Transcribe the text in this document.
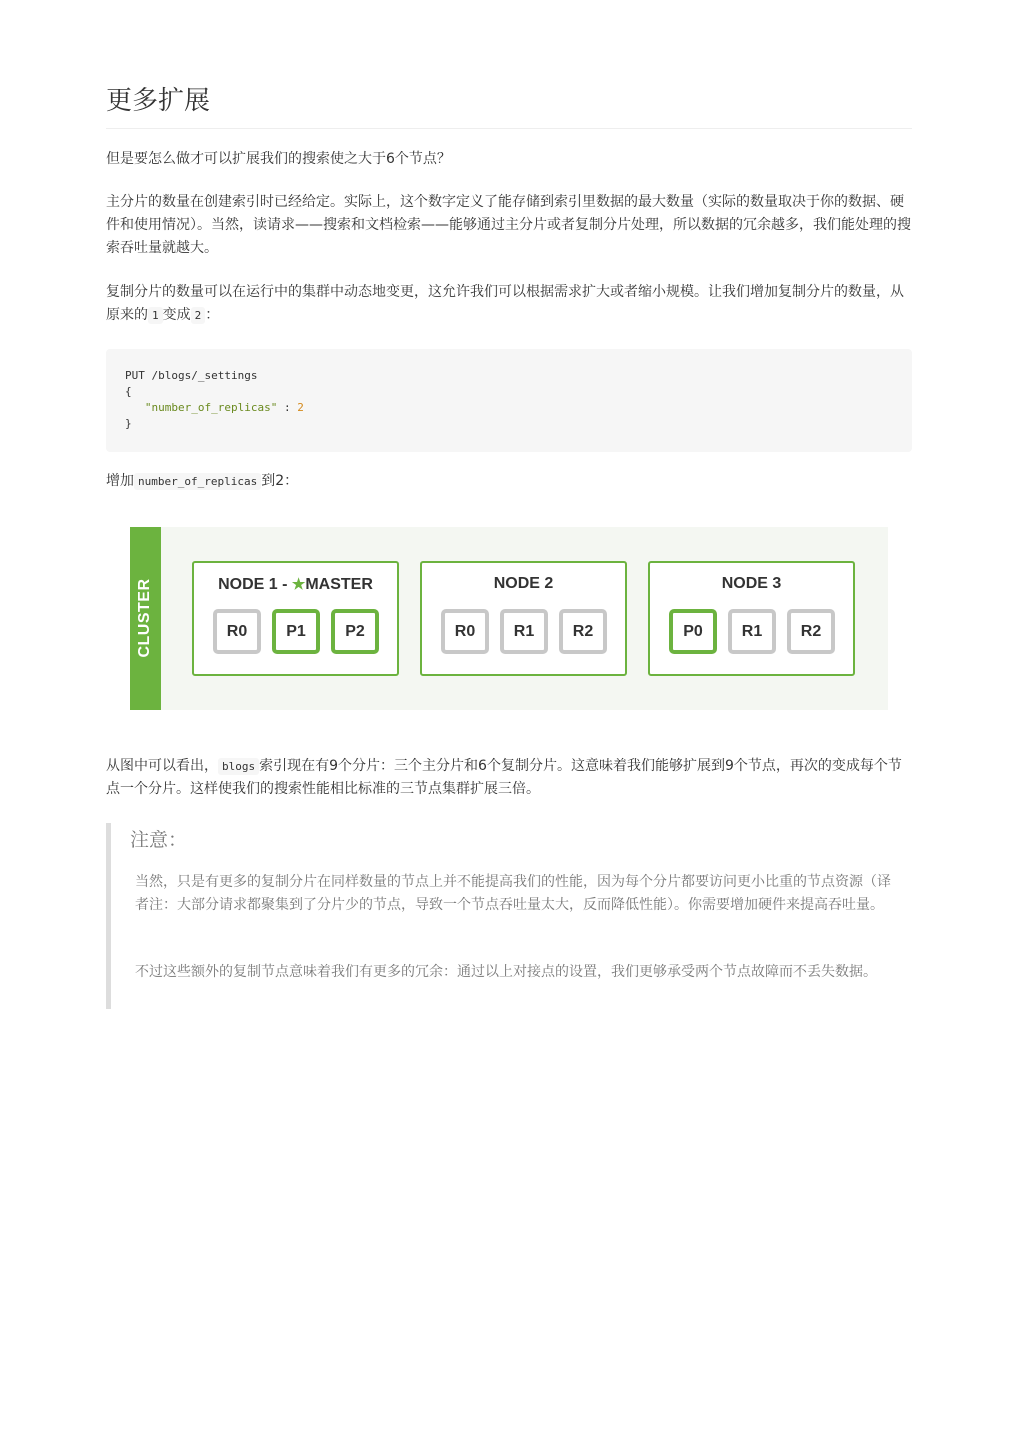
更多扩展

但是要怎么做才可以扩展我们的搜索使之大于6个节点？

主分片的数量在创建索引时已经给定。实际上，这个数字定义了能存储到索引里数据的最大数量（实际的数量取决于你的数据、硬件和使用情况）。当然，读请求——搜索和文档检索——能够通过主分片或者复制分片处理，所以数据的冗余越多，我们能处理的搜索吞吐量就越大。

复制分片的数量可以在运行中的集群中动态地变更，这允许我们可以根据需求扩大或者缩小规模。让我们增加复制分片的数量，从原来的 1 变成 2 ：

PUT /blogs/_settings
{
"number_of_replicas" : 2
}

增加 number_of_replicas 到2：

CLUSTER	NODE 1 - ★MASTER
R0	P1	P2
NODE 2
R0	R1	R2
NODE 3
P0	R1	R2

从图中可以看出， blogs 索引现在有9个分片：三个主分片和6个复制分片。这意味着我们能够扩展到9个节点，再次的变成每个节点一个分片。这样使我们的搜索性能相比标准的三节点集群扩展三倍。

注意：

当然，只是有更多的复制分片在同样数量的节点上并不能提高我们的性能，因为每个分片都要访问更小比重的节点资源（译者注：大部分请求都聚集到了分片少的节点，导致一个节点吞吐量太大，反而降低性能）。你需要增加硬件来提高吞吐量。

不过这些额外的复制节点意味着我们有更多的冗余：通过以上对接点的设置，我们更够承受两个节点故障而不丢失数据。
